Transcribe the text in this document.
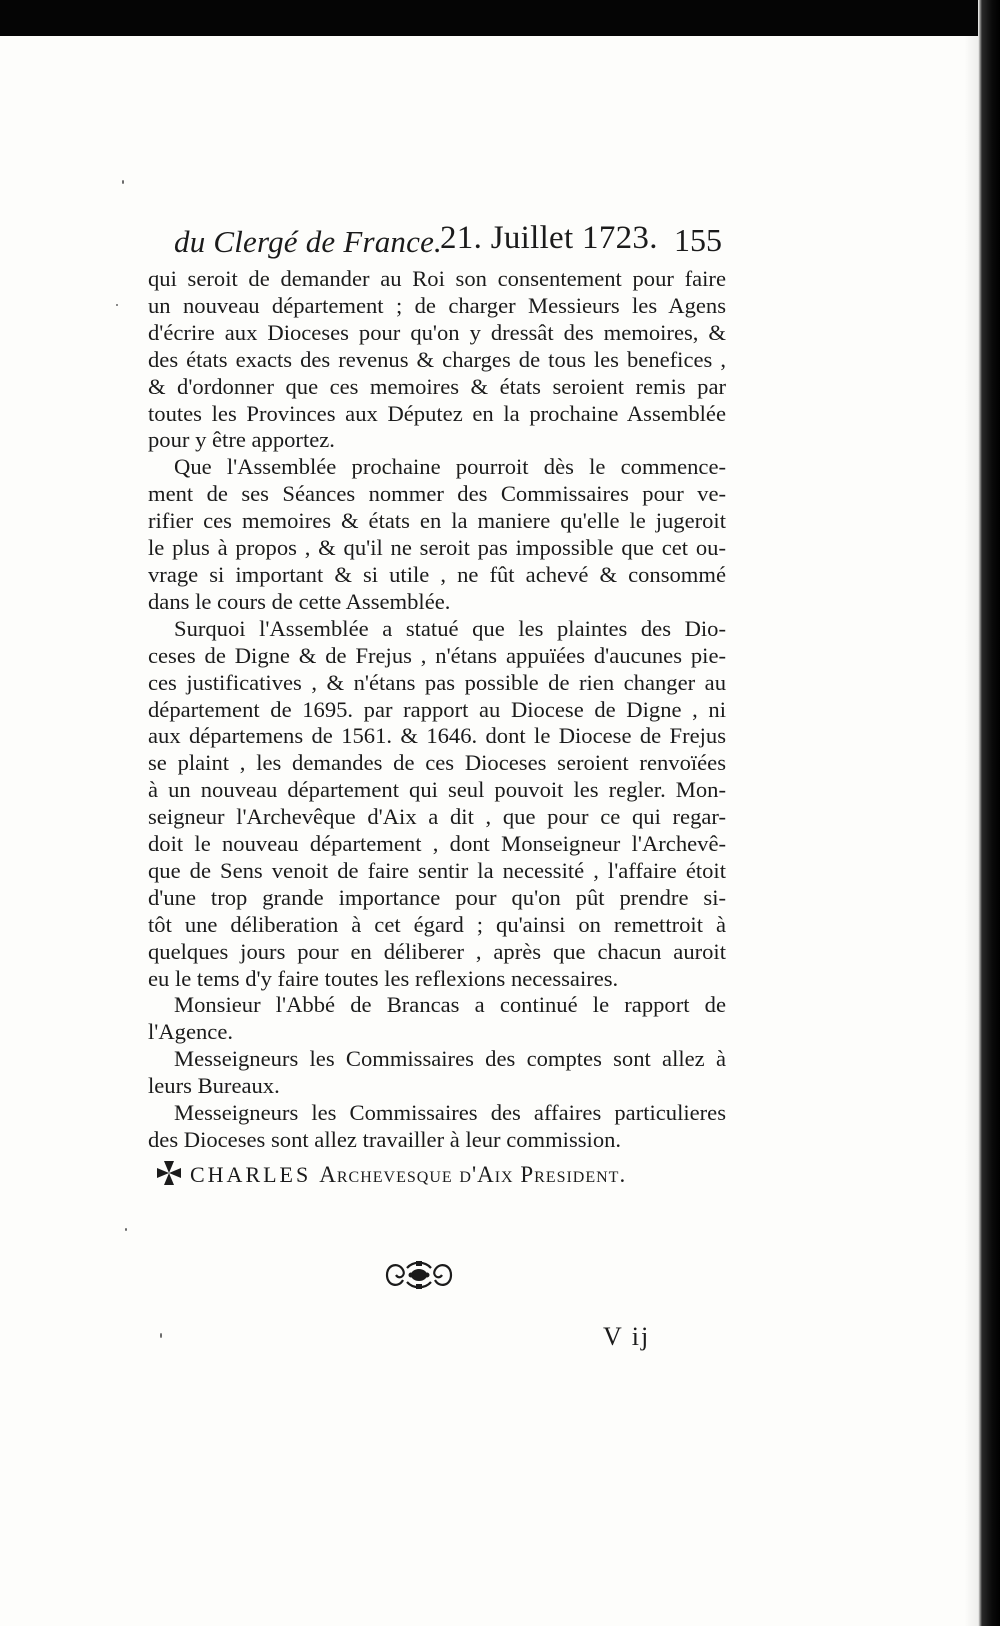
du Clergé de France.
21. Juillet 1723. 155

qui seroit de demander au Roi son consentement pour faire

un nouveau département ; de charger Messieurs les Agens

d'écrire aux Dioceses pour qu'on y dressât des memoires, &

des états exacts des revenus & charges de tous les benefices ,

& d'ordonner que ces memoires & états seroient remis par

toutes les Provinces aux Députez en la prochaine Assemblée

pour y être apportez.

Que l'Assemblée prochaine pourroit dès le commence-

ment de ses Séances nommer des Commissaires pour ve-

rifier ces memoires & états en la maniere qu'elle le jugeroit

le plus à propos , & qu'il ne seroit pas impossible que cet ou-

vrage si important & si utile , ne fût achevé & consommé

dans le cours de cette Assemblée.

Surquoi l'Assemblée a statué que les plaintes des Dio-

ceses de Digne & de Frejus , n'étans appuïées d'aucunes pie-

ces justificatives , & n'étans pas possible de rien changer au

département de 1695. par rapport au Diocese de Digne , ni

aux départemens de 1561. & 1646. dont le Diocese de Frejus

se plaint , les demandes de ces Dioceses seroient renvoïées

à un nouveau département qui seul pouvoit les regler. Mon-

seigneur l'Archevêque d'Aix a dit , que pour ce qui regar-

doit le nouveau département , dont Monseigneur l'Archevê-

que de Sens venoit de faire sentir la necessité , l'affaire étoit

d'une trop grande importance pour qu'on pût prendre si-

tôt une déliberation à cet égard ; qu'ainsi on remettroit à

quelques jours pour en déliberer , après que chacun auroit

eu le tems d'y faire toutes les reflexions necessaires.

Monsieur l'Abbé de Brancas a continué le rapport de

l'Agence.

Messeigneurs les Commissaires des comptes sont allez à

leurs Bureaux.

Messeigneurs les Commissaires des affaires particulieres

des Dioceses sont allez travailler à leur commission.

CHARLES Archevesque d'Aix President.
V ij
